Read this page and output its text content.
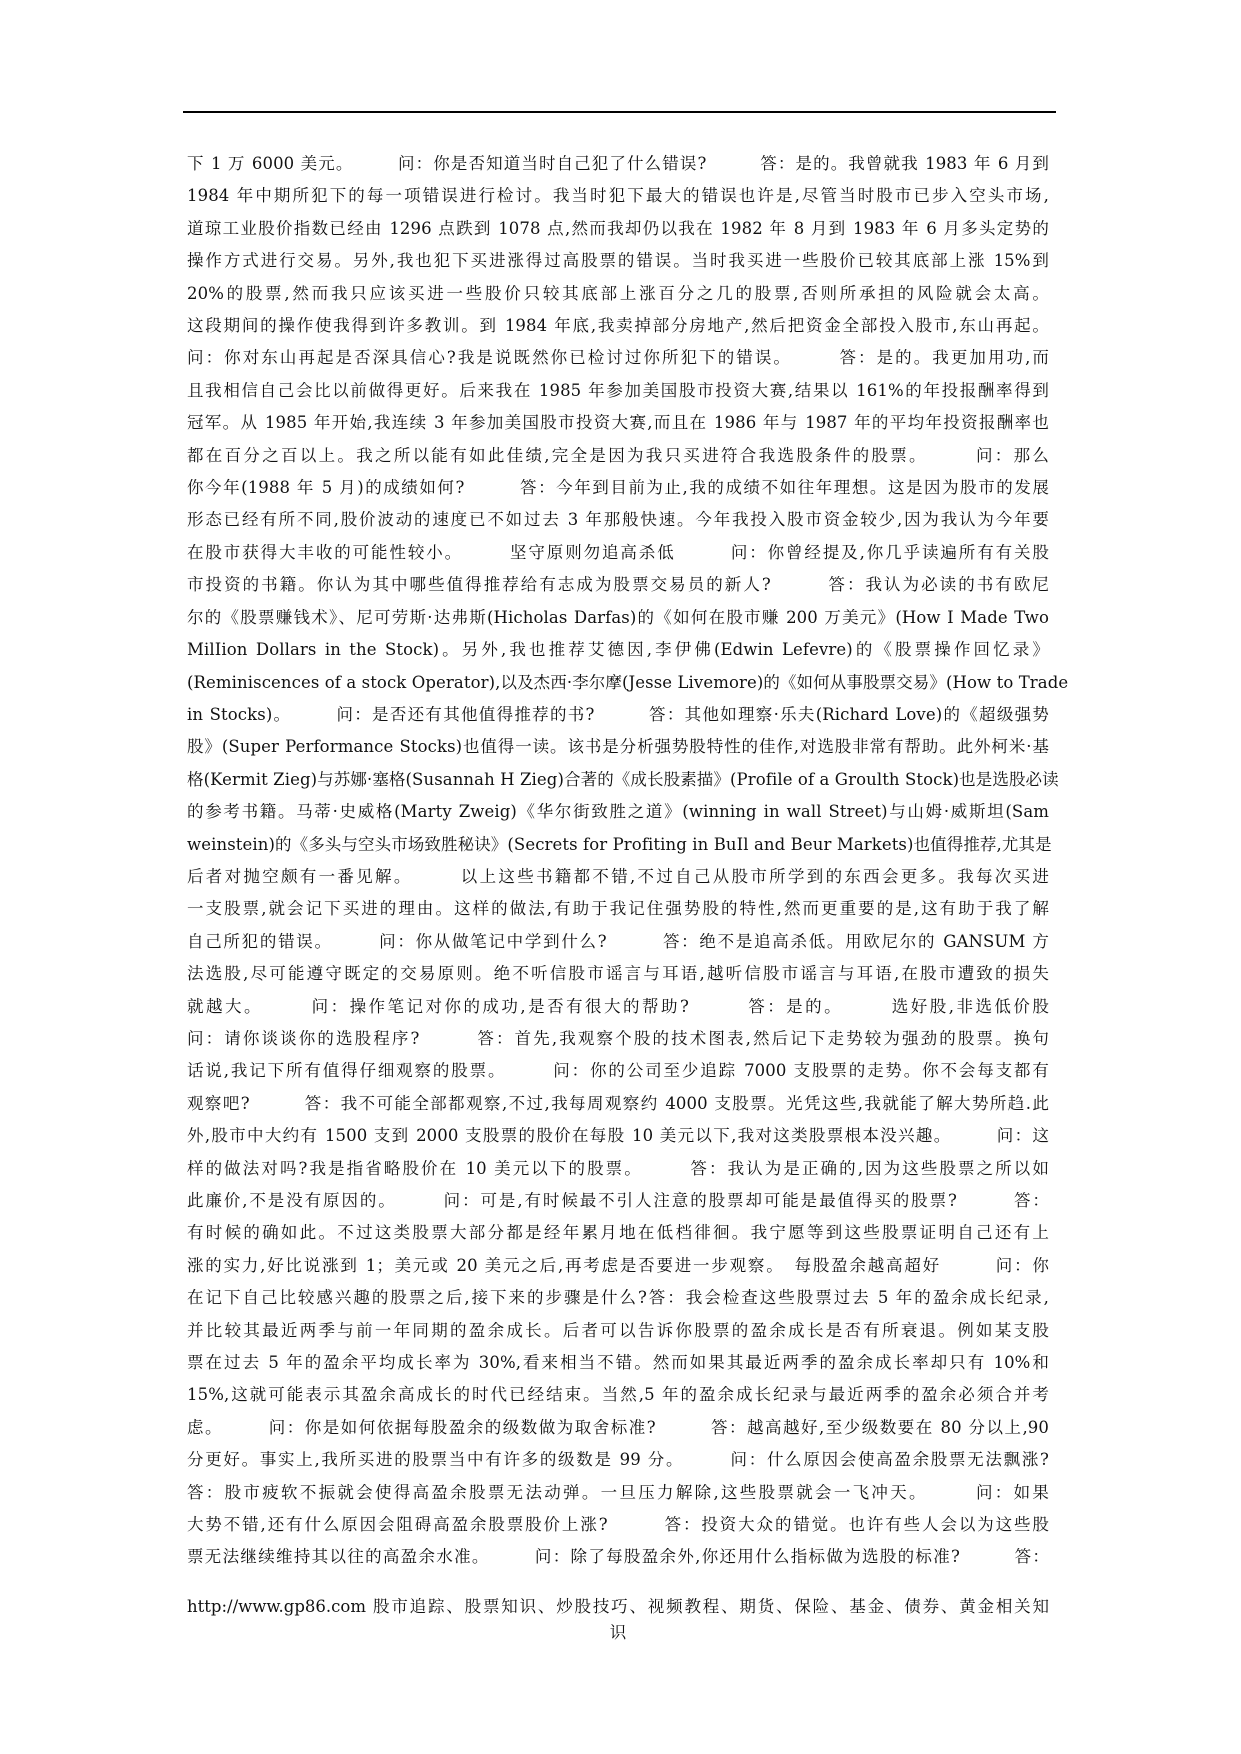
下 1 万 6000 美元。　　　问：你是否知道当时自己犯了什么错误?　　　答：是的。我曾就我 1983 年 6 月到
1984 年中期所犯下的每一项错误进行检讨。我当时犯下最大的错误也许是,尽管当时股市已步入空头市场,
道琼工业股价指数已经由 1296 点跌到 1078 点,然而我却仍以我在 1982 年 8 月到 1983 年 6 月多头定势的
操作方式进行交易。另外,我也犯下买进涨得过高股票的错误。当时我买进一些股价已较其底部上涨 15%到
20%的股票,然而我只应该买进一些股价只较其底部上涨百分之几的股票,否则所承担的风险就会太高。
这段期间的操作使我得到许多教训。到 1984 年底,我卖掉部分房地产,然后把资金全部投入股市,东山再起。
问：你对东山再起是否深具信心?我是说既然你已检讨过你所犯下的错误。　　　答：是的。我更加用功,而
且我相信自己会比以前做得更好。后来我在 1985 年参加美国股市投资大赛,结果以 161%的年投报酬率得到
冠军。从 1985 年开始,我连续 3 年参加美国股市投资大赛,而且在 1986 年与 1987 年的平均年投资报酬率也
都在百分之百以上。我之所以能有如此佳绩,完全是因为我只买进符合我选股条件的股票。　　　问：那么
你今年(1988 年 5 月)的成绩如何?　　　答：今年到目前为止,我的成绩不如往年理想。这是因为股市的发展
形态已经有所不同,股价波动的速度已不如过去 3 年那般快速。今年我投入股市资金较少,因为我认为今年要
在股市获得大丰收的可能性较小。　　　坚守原则勿追高杀低　　　问：你曾经提及,你几乎读遍所有有关股
市投资的书籍。你认为其中哪些值得推荐给有志成为股票交易员的新人?　　　答：我认为必读的书有欧尼
尔的《股票赚钱术》、尼可劳斯·达弗斯(Hicholas Darfas)的《如何在股市赚 200 万美元》(How I Made Two
MilIion Dollars in the Stock)。另外,我也推荐艾德因,李伊佛(Edwin Lefevre)的《股票操作回忆录》
(Reminiscences of a stock Operator),以及杰西·李尔摩(Jesse Livemore)的《如何从事股票交易》(How to Trade
in Stocks)。　　　问：是否还有其他值得推荐的书?　　　答：其他如理察·乐夫(Richard Love)的《超级强势
股》(Super Performance Stocks)也值得一读。该书是分析强势股特性的佳作,对选股非常有帮助。此外柯米·基
格(Kermit Zieg)与苏娜·塞格(Susannah H Zieg)合著的《成长股素描》(Profile of a Groulth Stock)也是选股必读
的参考书籍。马蒂·史威格(Marty Zweig)《华尔街致胜之道》(winning in wall Street)与山姆·威斯坦(Sam
weinstein)的《多头与空头市场致胜秘诀》(Secrets for Profiting in BuIl and Beur Markets)也值得推荐,尤其是
后者对抛空颇有一番见解。　　　以上这些书籍都不错,不过自己从股市所学到的东西会更多。我每次买进
一支股票,就会记下买进的理由。这样的做法,有助于我记住强势股的特性,然而更重要的是,这有助于我了解
自己所犯的错误。　　　问：你从做笔记中学到什么?　　　答：绝不是追高杀低。用欧尼尔的 GANSUM 方
法选股,尽可能遵守既定的交易原则。绝不听信股市谣言与耳语,越听信股市谣言与耳语,在股市遭致的损失
就越大。　　　问：操作笔记对你的成功,是否有很大的帮助?　　　答：是的。　　　选好股,非选低价股
问：请你谈谈你的选股程序?　　　答：首先,我观察个股的技术图表,然后记下走势较为强劲的股票。换句
话说,我记下所有值得仔细观察的股票。　　　问：你的公司至少追踪 7000 支股票的走势。你不会每支都有
观察吧?　　　答：我不可能全部都观察,不过,我每周观察约 4000 支股票。光凭这些,我就能了解大势所趋.此
外,股市中大约有 1500 支到 2000 支股票的股价在每股 10 美元以下,我对这类股票根本没兴趣。　　　问：这
样的做法对吗?我是指省略股价在 10 美元以下的股票。　　　答：我认为是正确的,因为这些股票之所以如
此廉价,不是没有原因的。　　　问：可是,有时候最不引人注意的股票却可能是最值得买的股票?　　　答：
有时候的确如此。不过这类股票大部分都是经年累月地在低档徘徊。我宁愿等到这些股票证明自己还有上
涨的实力,好比说涨到 1；美元或 20 美元之后,再考虑是否要进一步观察。　每股盈余越高超好　　　问：你
在记下自己比较感兴趣的股票之后,接下来的步骤是什么?答：我会检查这些股票过去 5 年的盈余成长纪录,
并比较其最近两季与前一年同期的盈余成长。后者可以告诉你股票的盈余成长是否有所衰退。例如某支股
票在过去 5 年的盈余平均成长率为 30%,看来相当不错。然而如果其最近两季的盈余成长率却只有 10%和
15%,这就可能表示其盈余高成长的时代已经结束。当然,5 年的盈余成长纪录与最近两季的盈余必须合并考
虑。　　　问：你是如何依据每股盈余的级数做为取舍标准?　　　答：越高越好,至少级数要在 80 分以上,90
分更好。事实上,我所买进的股票当中有许多的级数是 99 分。　　　问：什么原因会使高盈余股票无法飘涨?
答：股市疲软不振就会使得高盈余股票无法动弹。一旦压力解除,这些股票就会一飞冲天。　　　问：如果
大势不错,还有什么原因会阻碍高盈余股票股价上涨?　　　答：投资大众的错觉。也许有些人会以为这些股
票无法继续维持其以往的高盈余水准。　　　问：除了每股盈余外,你还用什么指标做为选股的标准?　　　答：
http://www.gp86.com 股市追踪、股票知识、炒股技巧、视频教程、期货、保险、基金、债券、黄金相关知
识
